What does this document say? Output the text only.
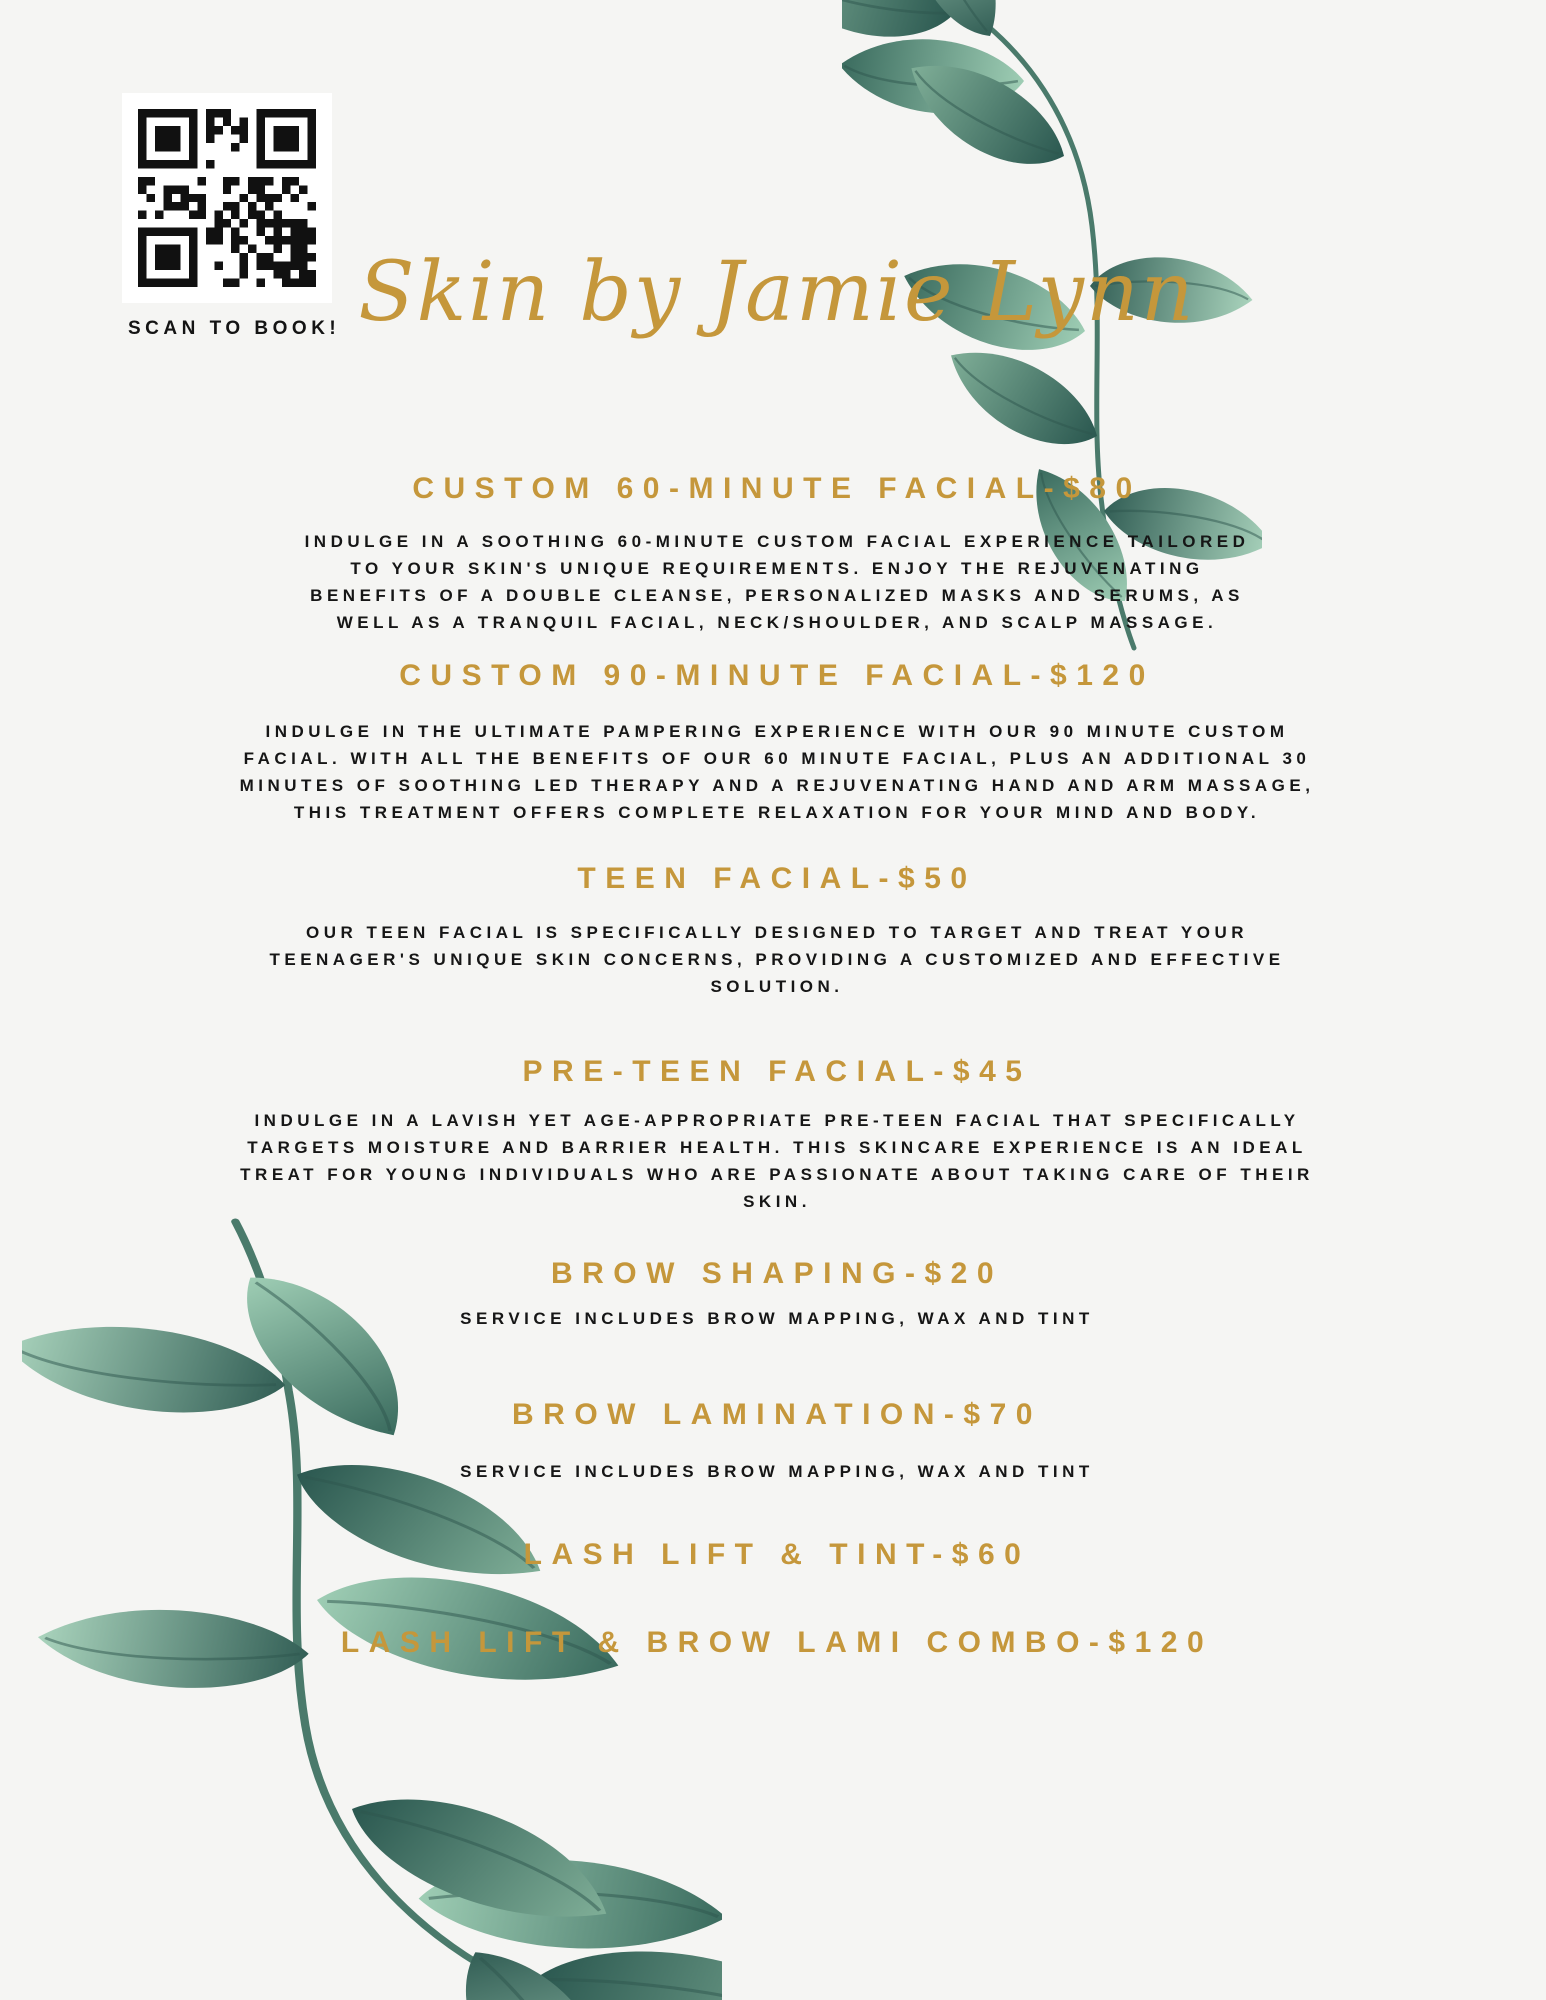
SCAN TO BOOK! Skin by Jamie Lynn
CUSTOM 60-MINUTE FACIAL-$80
INDULGE IN A SOOTHING 60-MINUTE CUSTOM FACIAL EXPERIENCE TAILORED TO YOUR SKIN'S UNIQUE REQUIREMENTS. ENJOY THE REJUVENATING BENEFITS OF A DOUBLE CLEANSE, PERSONALIZED MASKS AND SERUMS, AS WELL AS A TRANQUIL FACIAL, NECK/SHOULDER, AND SCALP MASSAGE.
CUSTOM 90-MINUTE FACIAL-$120
INDULGE IN THE ULTIMATE PAMPERING EXPERIENCE WITH OUR 90 MINUTE CUSTOM FACIAL. WITH ALL THE BENEFITS OF OUR 60 MINUTE FACIAL, PLUS AN ADDITIONAL 30 MINUTES OF SOOTHING LED THERAPY AND A REJUVENATING HAND AND ARM MASSAGE, THIS TREATMENT OFFERS COMPLETE RELAXATION FOR YOUR MIND AND BODY.
TEEN FACIAL-$50
OUR TEEN FACIAL IS SPECIFICALLY DESIGNED TO TARGET AND TREAT YOUR TEENAGER'S UNIQUE SKIN CONCERNS, PROVIDING A CUSTOMIZED AND EFFECTIVE SOLUTION.
PRE-TEEN FACIAL-$45
INDULGE IN A LAVISH YET AGE-APPROPRIATE PRE-TEEN FACIAL THAT SPECIFICALLY TARGETS MOISTURE AND BARRIER HEALTH. THIS SKINCARE EXPERIENCE IS AN IDEAL TREAT FOR YOUNG INDIVIDUALS WHO ARE PASSIONATE ABOUT TAKING CARE OF THEIR SKIN.
BROW SHAPING-$20
SERVICE INCLUDES BROW MAPPING, WAX AND TINT
BROW LAMINATION-$70
SERVICE INCLUDES BROW MAPPING, WAX AND TINT
LASH LIFT & TINT-$60
LASH LIFT & BROW LAMI COMBO-$120
